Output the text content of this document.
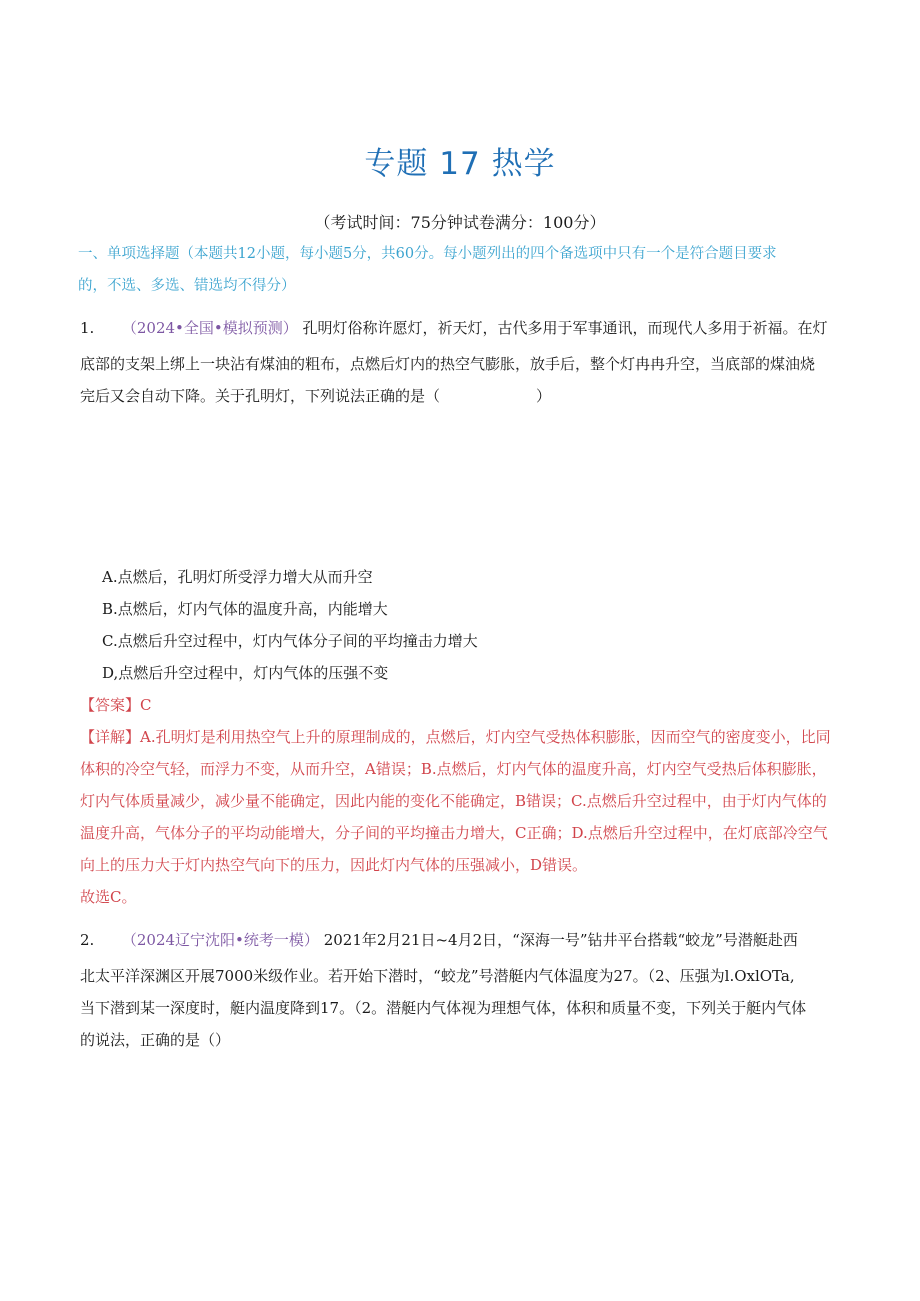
专题 17 热学
（考试时间：75分钟试卷满分：100分）
一、单项选择题（本题共12小题，每小题5分，共60分。每小题列出的四个备选项中只有一个是符合题目要求
的，不选、多选、错选均不得分）
1. （2024•全国•模拟预测） 孔明灯俗称许愿灯，祈天灯，古代多用于军事通讯，而现代人多用于祈福。在灯
底部的支架上绑上一块沾有煤油的粗布，点燃后灯内的热空气膨胀，放手后，整个灯冉冉升空，当底部的煤油烧
完后又会自动下降。关于孔明灯，下列说法正确的是（	）
A.点燃后，孔明灯所受浮力增大从而升空
B.点燃后，灯内气体的温度升高，内能增大
C.点燃后升空过程中，灯内气体分子间的平均撞击力增大
D,点燃后升空过程中，灯内气体的压强不变
【答案】C
【详解】A.孔明灯是利用热空气上升的原理制成的，点燃后，灯内空气受热体积膨胀，因而空气的密度变小，比同
体积的冷空气轻，而浮力不变，从而升空，A错误；B.点燃后，灯内气体的温度升高，灯内空气受热后体积膨胀，
灯内气体质量减少，减少量不能确定，因此内能的变化不能确定，B错误；C.点燃后升空过程中，由于灯内气体的
温度升高，气体分子的平均动能增大，分子间的平均撞击力增大，C正确；D.点燃后升空过程中，在灯底部冷空气
向上的压力大于灯内热空气向下的压力，因此灯内气体的压强减小，D错误。
故选C。
2. （2024辽宁沈阳•统考一模） 2021年2月21日~4月2日，“深海一号”钻井平台搭载“蛟龙”号潜艇赴西
北太平洋深渊区开展7000米级作业。若开始下潜时，“蛟龙”号潜艇内气体温度为27。（2、压强为l.OxlOTa,
当下潜到某一深度时，艇内温度降到17。（2。潜艇内气体视为理想气体，体积和质量不变，下列关于艇内气体
的说法，正确的是（）
